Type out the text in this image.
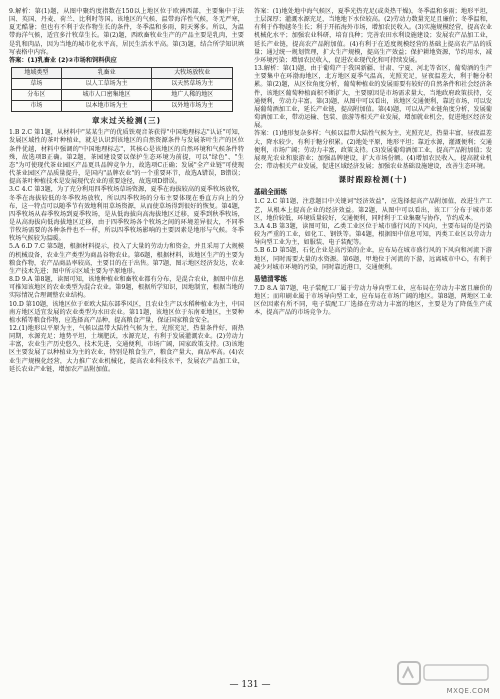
9.解析：第(1)题，从图中聚约度指数在150以上地区位于欧洲西部，主要集中于法国、英国、丹麦、荷兰、比利时等国。该地区的气候、温带海洋性气候，冬无严寒，夏无酷暑；但也有不利于农作物生长的条件，冬季温和多雨，阴天雾多。所以，为温带海洋气候，适宜多汁牧草生长。第(2)题，西欧畜牧业生产的产品主要是乳肉，主要是乳和肉品，因为当地的城市化水平高，居民生活水平高。第(3)题，结合所学知识填写表格中内容。

答案：(1)乳畜业 (2)②市场和饲料供应

地域类型	乳畜业	大牧场放牧业
草场	以人工草场为主	以天然草场为主
分布区	城市人口密集地区	地广人稀的地区
市场	以本地市场为主	以外地市场为主
章末过关检测(三)

1.B 2.C 第1题，从材料中"某某生产的优质铁观音茶获得"中国地理标志"认证"可知，发展区域性的茶叶种植业，就是认识到该地区的自然资源条件与发展茶叶生产的区位条件优越，材料中强调的"中国地理标志"，其核心是该地区的自然环境和气候条件特殊，故选项B正确。第2题，茶园建设要以保护生态环境为前提，可以"绿色"、"生态"为可使现代茶业园区产品更具品牌竞争力，故选项C正确；发展"全产业链"可使现代茶业园区产品质量提升，是国内"品牌农业"的一个重要环节，故选A错误，B错误；提高茶叶种植技术是发展现代农业的重要途径，故选项D错误。

3.C 4.C 第3题，为了充分利用四季牧场草场资源，夏季在海拔较高的夏季牧场放牧，冬季在海拔较低的冬季牧场放牧，所以四季牧场的分布主要体现在垂直方向上的分布，这一特点可以随季节有效地利用草场资源，从而使草场得到很好的恢复。第4题，四季牧场从春季牧场到夏季牧场，是从低海拔向高海拔地区迁移，夏季到秋季牧场，是从高海拔向低海拔地区迁移，由于四季牧场各个牧场之间的环境差异很大，不同季节牧场需要的各种条件也不一样，所以四季牧场影响的主要因素是地形与气候。冬季牧场气候较为温暖。

5.A 6.D 7.C 第5题，根据材料提示，投入了大量的劳动力和资金，并且采用了大规模的机械设备，农业生产类型为商品谷物农业。第6题，根据材料，该地区生产的主要为粮食作物，农产品商品率较高，主要目的在于出售。第7题，图示地区经济发达，农业生产技术先进；图中所示区域主要为平原地形。

8.D 9.A 第8题，读图可知，该地种植业和畜牧业都有分布，是混合农业，据图中信息可推知该地区的农业类型为混合农业。第9题，根据所学知识，因地制宜，根据当地的实际情况合理调整农业结构。

10.D 第10题，该地区位于亚欧大陆东部季风区，且农业生产以水稻种植业为主，中国南方地区适宜发展的农业类型为水田农业。第11题，该地区位于东南亚地区，主要种植水稻等粮食作物，应选择高产品种，提高粮食产量，保证国家粮食安全。

12.(1)地形以平原为主，气候以温带大陆性气候为主，光照充足，热量条件好，雨热同期，水源充足；地势平坦，土壤肥沃，水源充足，有利于发展灌溉农业。(2)劳动力丰富，农业生产历史悠久，技术先进，交通便利，市场广阔，国家政策支持。(3)该地区主要发展了以种植业为主的农业，特别是粮食生产，粮食产量大，商品率高。(4)农业生产规模化经营，大力推广农业机械化，提高农业科技水平，发展农产品加工业，延长农业产业链，增加农产品附加值。

答案：(1)地处地中海气候区，夏季光热充足(或炎热干燥)，冬季温和多雨；地形平坦，土层深厚；灌溉水源充足，当地地下水位较高。(2)劳动力数量充足且廉价；冬季温和，有利于作物越冬生长；利于开拓海外市场，增加农民收入。(3)实施规模经营，提高农业机械化水平；加强农业科研，培育良种；完善农田水利设施建设；发展农产品加工业，延长产业链，提高农产品附加值。(4)有利于在适度规模经营的基础上提高农产品的质量；通过统一规划管理，扩大生产规模，提高生产效益；保护耕地资源，节约用水，减少环境污染；增加农民收入，促进农业现代化和可持续发展。

13.解析：第(1)题，由于葡萄产于我国新疆、甘肃、宁夏、河北等省区，葡萄酒的生产主要集中在环渤海地区，北方地区夏季气温高，光照充足，昼夜温差大，利于糖分积累。第(2)题，从区位角度分析，葡萄种植业的发展需要有较好的自然条件和社会经济条件，该地区葡萄种植面积不断扩大，主要原因是市场需求量大，当地政府政策扶持，交通便利，劳动力丰富。第(3)题，从图中可以看出，该地区交通便利，靠近市场，可以发展葡萄酒加工业，延长产业链，提高附加值。第(4)题，可以从产业链角度分析，发展葡萄酒加工业，带动运输、包装、旅游等相关产业发展，增加就业机会，促进地区经济发展。

答案：(1)地形复杂多样；气候以温带大陆性气候为主，光照充足，热量丰富，昼夜温差大，降水较少，有利于糖分积累。(2)地处平原，地形平坦；靠近水源，灌溉便利；交通便利，市场广阔；劳动力丰富，政策支持。(3)发展葡萄酒加工业，提高产品附加值；发展观光农业和旅游业；加强品牌建设，扩大市场份额。(4)增加农民收入，提高就业机会；带动相关产业发展，促进区域经济发展；加强农业基础设施建设，改善生态环境。

课时跟踪检测(十)
基础全面练

1.C 2.C 第1题，注意题目中关键词"经济效益"，应选择提高产品附加值，改进生产工艺，从根本上提高企业的经济效益。第2题，从图中可以看出，该工厂分布于城市郊区，地价较低，环境质量较好，交通便利，同时利于工业集聚与协作，节约成本。

3.A 4.B 第3题，读图可知，乙类工业区位于城市盛行风的下风向，主要布局的是污染较为严重的工业，如化工、钢铁等。第4题，根据图中信息可知，丙类工业区以劳动力导向型工业为主，如服装、电子装配等。

5.B 6.D 第5题，石化企业是高污染的企业，应布局在城市盛行风的下风向和河流下游地区，同时需要大量的水资源。第6题，甲地位于河流的下游，远离城市中心，有利于减少对城市环境的污染，同时靠近港口，交通便利。

易错清零练

7.D 8.A 第7题，电子装配工厂属于劳动力导向型工业，应布局在劳动力丰富且廉价的地区；而印刷业属于市场导向型工业，应布局在市场广阔的地区。第8题，两地区工业区位因素有所不同，电子装配工厂选择在劳动力丰富的地区，主要是为了降低生产成本，提高产品的市场竞争力。

— 131 —
MXQE.COM
